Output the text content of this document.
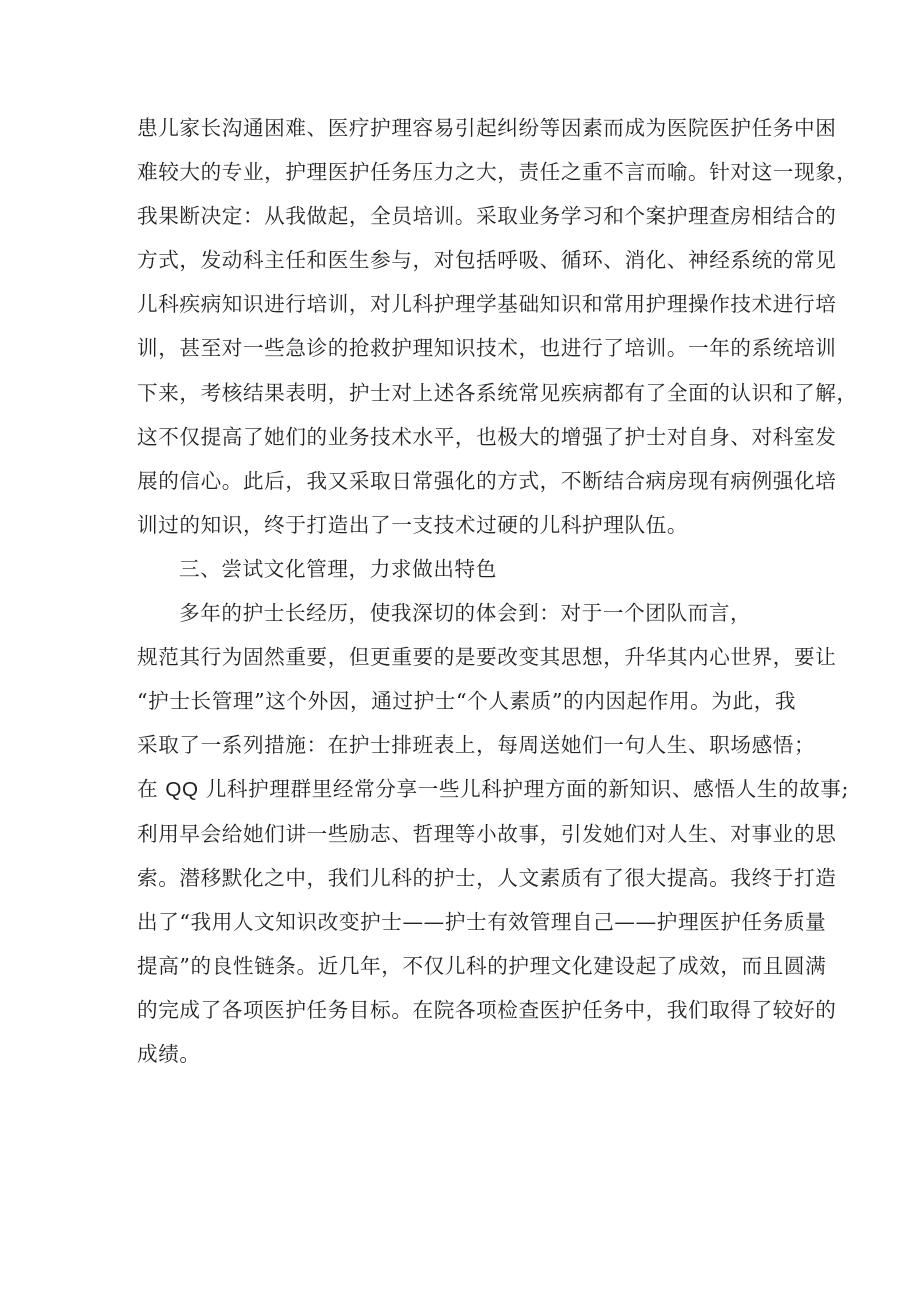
患儿家长沟通困难、医疗护理容易引起纠纷等因素而成为医院医护任务中困
难较大的专业，护理医护任务压力之大，责任之重不言而喻。针对这一现象，
我果断决定：从我做起，全员培训。采取业务学习和个案护理查房相结合的
方式，发动科主任和医生参与，对包括呼吸、循环、消化、神经系统的常见
儿科疾病知识进行培训，对儿科护理学基础知识和常用护理操作技术进行培
训，甚至对一些急诊的抢救护理知识技术，也进行了培训。一年的系统培训
下来，考核结果表明，护士对上述各系统常见疾病都有了全面的认识和了解，
这不仅提高了她们的业务技术水平，也极大的增强了护士对自身、对科室发
展的信心。此后，我又采取日常强化的方式，不断结合病房现有病例强化培
训过的知识，终于打造出了一支技术过硬的儿科护理队伍。
三、尝试文化管理，力求做出特色
多年的护士长经历，使我深切的体会到：对于一个团队而言，
规范其行为固然重要，但更重要的是要改变其思想，升华其内心世界，要让
“护士长管理”这个外因，通过护士“个人素质”的内因起作用。为此，我
采取了一系列措施：在护士排班表上，每周送她们一句人生、职场感悟；
在 QQ 儿科护理群里经常分享一些儿科护理方面的新知识、感悟人生的故事;
利用早会给她们讲一些励志、哲理等小故事，引发她们对人生、对事业的思
索。潜移默化之中，我们儿科的护士，人文素质有了很大提高。我终于打造
出了“我用人文知识改变护士——护士有效管理自己——护理医护任务质量
提高”的良性链条。近几年，不仅儿科的护理文化建设起了成效，而且圆满
的完成了各项医护任务目标。在院各项检查医护任务中，我们取得了较好的
成绩。
